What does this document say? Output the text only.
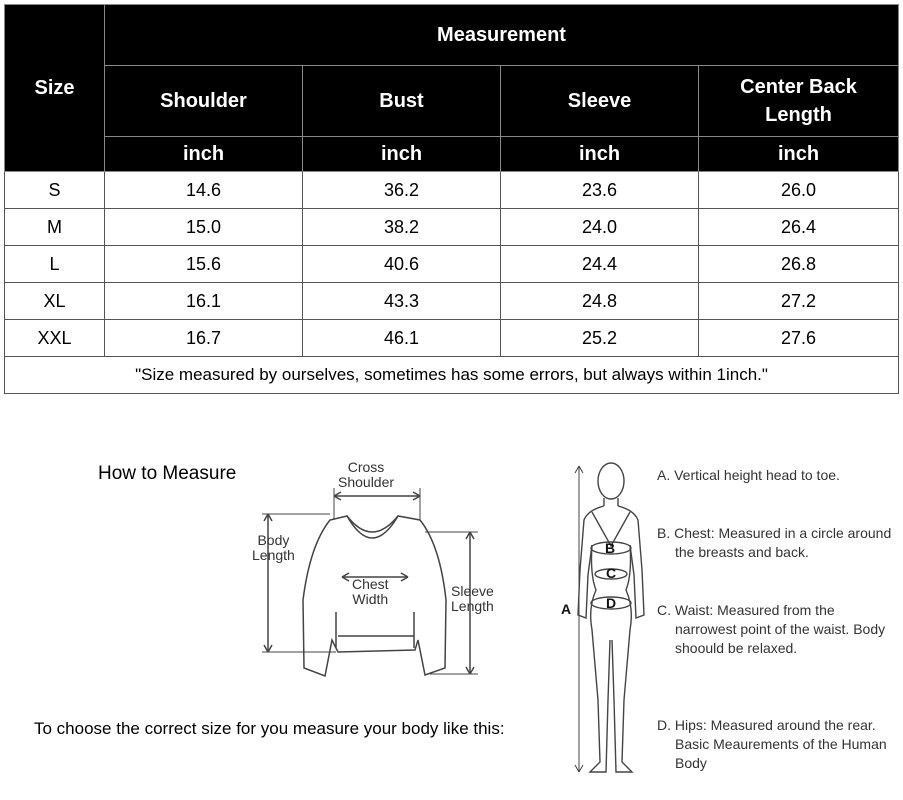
Size	Measurement			
	Shoulder	Bust	Sleeve	Center Back Length
	inch	inch	inch	inch
S	14.6	36.2	23.6	26.0
M	15.0	38.2	24.0	26.4
L	15.6	40.6	24.4	26.8
XL	16.1	43.3	24.8	27.2
XXL	16.7	46.1	25.2	27.6
"Size measured by ourselves, sometimes has some errors, but always within 1inch."				
How to Measure	Cross
Shoulder
Body
Length
Chest
Width	Sleeve
Length
To choose the correct size for you measure your body like this:
A
B
C
D
A. Vertical height head to toe.
B. Chest: Measured in a circle around the breasts and back.
C. Waist: Measured from the narrowest point of the waist. Body shoould be relaxed.
D. Hips: Measured around the rear. Basic Meaurements of the Human Body
